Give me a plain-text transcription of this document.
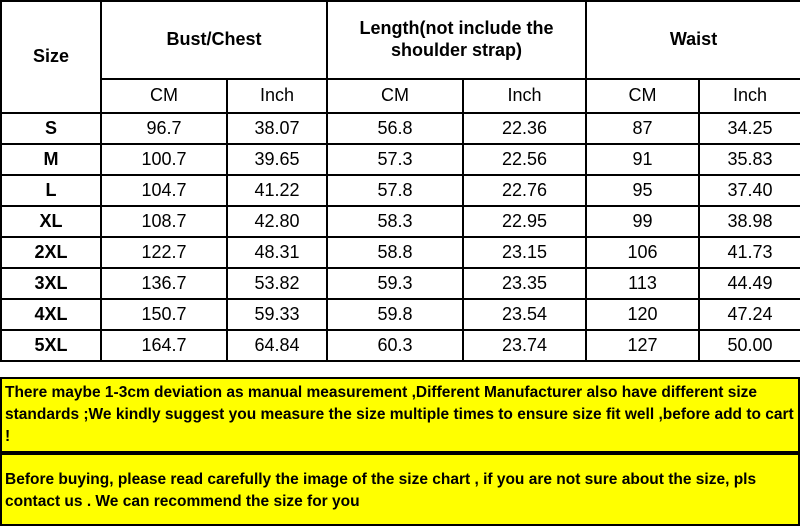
Size	Bust/Chest		Length(not include the shoulder strap)		Waist	
	CM	Inch	CM	Inch	CM	Inch
S	96.7	38.07	56.8	22.36	87	34.25
M	100.7	39.65	57.3	22.56	91	35.83
L	104.7	41.22	57.8	22.76	95	37.40
XL	108.7	42.80	58.3	22.95	99	38.98
2XL	122.7	48.31	58.8	23.15	106	41.73
3XL	136.7	53.82	59.3	23.35	113	44.49
4XL	150.7	59.33	59.8	23.54	120	47.24
5XL	164.7	64.84	60.3	23.74	127	50.00
There maybe 1-3cm deviation as manual measurement ,Different Manufacturer also have different size standards ;We kindly suggest you measure the size multiple times to ensure size fit well ,before add to cart !
Before buying, please read carefully the image of the size chart , if you are not sure about the size, pls contact us . We can recommend the size for you
